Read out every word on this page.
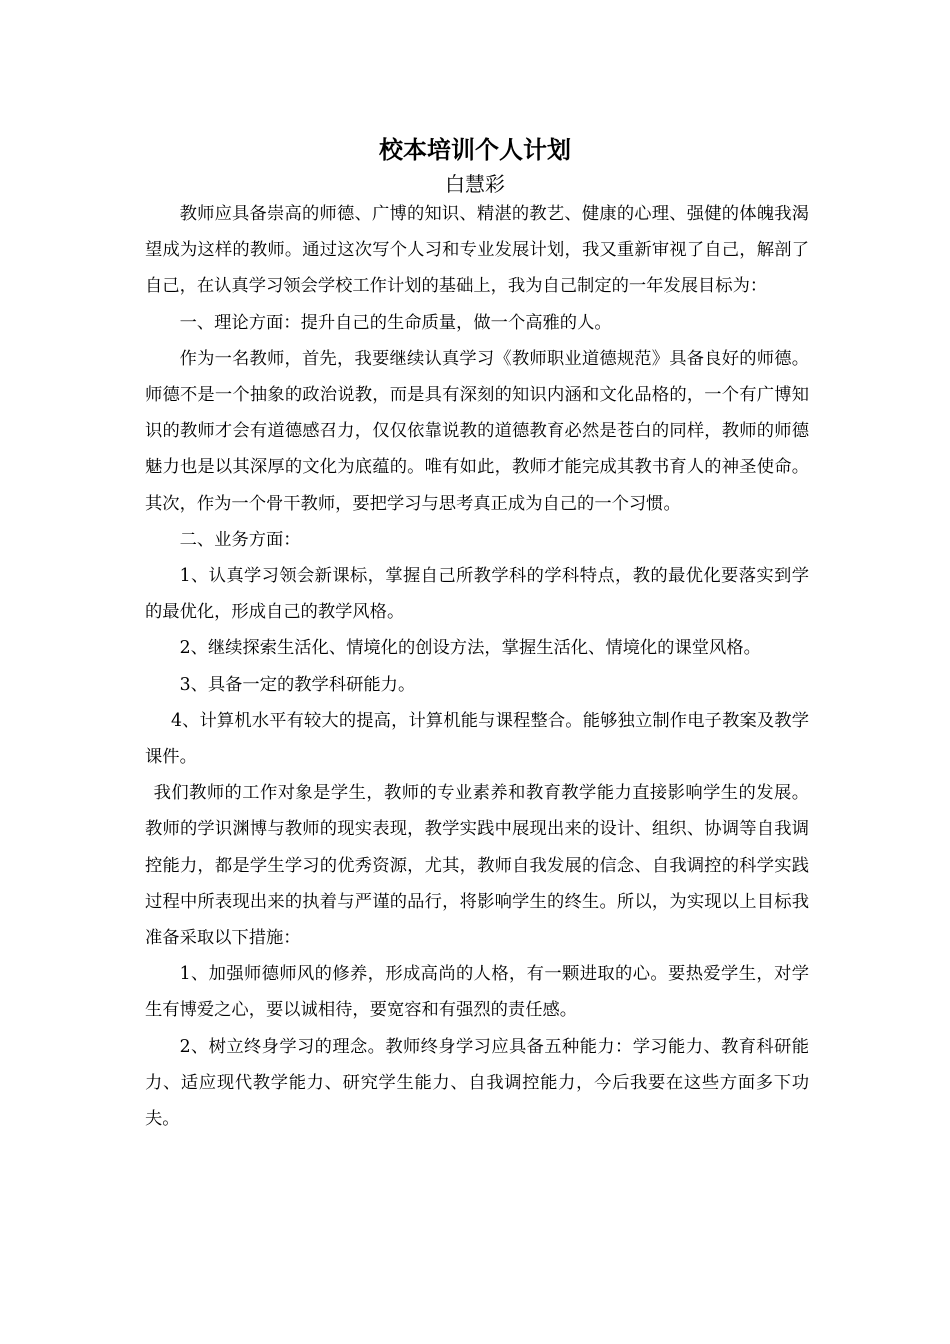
校本培训个人计划
白慧彩

教师应具备崇高的师德、广博的知识、精湛的教艺、健康的心理、强健的体魄我渴望成为这样的教师。通过这次写个人习和专业发展计划，我又重新审视了自己，解剖了自己，在认真学习领会学校工作计划的基础上，我为自己制定的一年发展目标为：

一、理论方面：提升自己的生命质量，做一个高雅的人。

作为一名教师，首先，我要继续认真学习《教师职业道德规范》具备良好的师德。师德不是一个抽象的政治说教，而是具有深刻的知识内涵和文化品格的，一个有广博知识的教师才会有道德感召力，仅仅依靠说教的道德教育必然是苍白的同样，教师的师德魅力也是以其深厚的文化为底蕴的。唯有如此，教师才能完成其教书育人的神圣使命。其次，作为一个骨干教师，要把学习与思考真正成为自己的一个习惯。

二、业务方面：

1、认真学习领会新课标，掌握自己所教学科的学科特点，教的最优化要落实到学的最优化，形成自己的教学风格。

2、继续探索生活化、情境化的创设方法，掌握生活化、情境化的课堂风格。

3、具备一定的教学科研能力。

4、计算机水平有较大的提高，计算机能与课程整合。能够独立制作电子教案及教学课件。

我们教师的工作对象是学生，教师的专业素养和教育教学能力直接影响学生的发展。教师的学识渊博与教师的现实表现，教学实践中展现出来的设计、组织、协调等自我调控能力，都是学生学习的优秀资源，尤其，教师自我发展的信念、自我调控的科学实践过程中所表现出来的执着与严谨的品行，将影响学生的终生。所以，为实现以上目标我准备采取以下措施：

1、加强师德师风的修养，形成高尚的人格，有一颗进取的心。要热爱学生，对学生有博爱之心，要以诚相待，要宽容和有强烈的责任感。

2、树立终身学习的理念。教师终身学习应具备五种能力：学习能力、教育科研能力、适应现代教学能力、研究学生能力、自我调控能力，今后我要在这些方面多下功夫。
